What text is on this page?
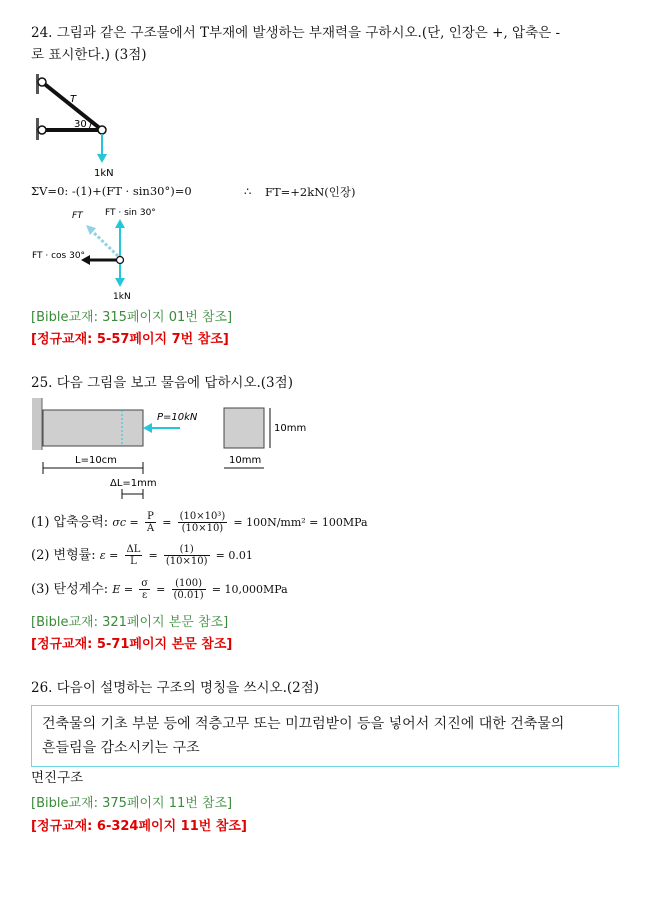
24. 그림과 같은 구조물에서 T부재에 발생하는 부재력을 구하시오.(단, 인장은 +, 압축은 -
로 표시한다.) (3점)
T
30
1kN
ΣV=0: -(1)+(FT · sin30°)=0	∴ FT=+2kN(인장)
FT FT · sin 30°
FT · cos 30°
1kN
[Bible교재: 315페이지 01번 참조]
[정규교재: 5-57페이지 7번 참조]
25. 다음 그림을 보고 물음에 답하시오.(3점)
P=10kN
L=10cm
ΔL=1mm
10mm
10mm
(1) 압축응력: $\sigma c = \frac{P}{A} = \frac{\text{(10×10³)}}{(10\times 10)} = 100N/mm^2 = 100MPa$
(2) 변형률: $\varepsilon = \frac{\Delta L}{L} = \frac{(1)}{(10\times 10)} = 0.01$
(3) 탄성계수: $E = \frac{\sigma}{\varepsilon} = \frac{(100)}{(0.01)} = 10,000MPa$
[Bible교재: 321페이지 본문 참조]
[정규교재: 5-71페이지 본문 참조]
26. 다음이 설명하는 구조의 명칭을 쓰시오.(2점)
건축물의 기초 부분 등에 적층고무 또는 미끄럼받이 등을 넣어서 지진에 대한 건축물의
흔들림을 감소시키는 구조
면진구조
[Bible교재: 375페이지 11번 참조]
[정규교재: 6-324페이지 11번 참조]
